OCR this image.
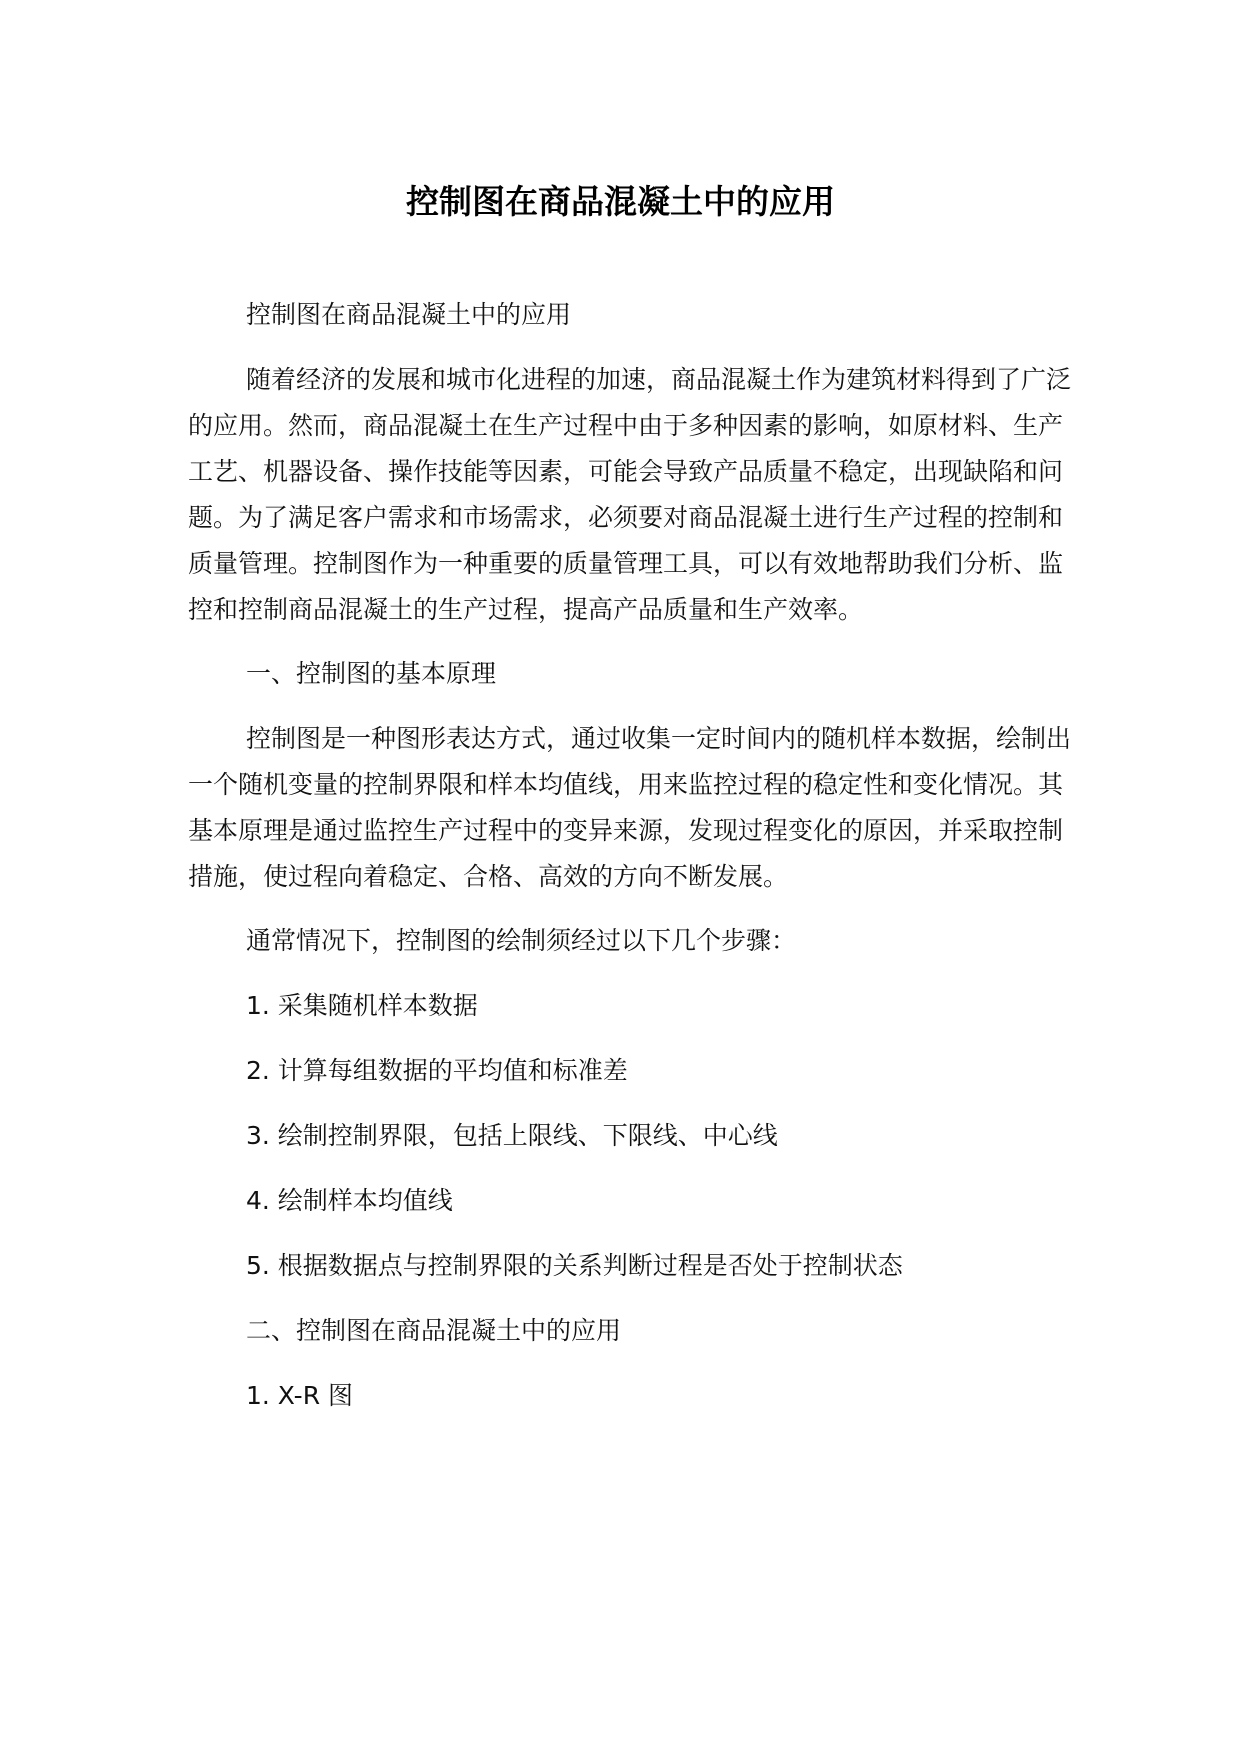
控制图在商品混凝土中的应用

控制图在商品混凝土中的应用

随着经济的发展和城市化进程的加速，商品混凝土作为建筑材料得到了广泛的应用。然而，商品混凝土在生产过程中由于多种因素的影响，如原材料、生产工艺、机器设备、操作技能等因素，可能会导致产品质量不稳定，出现缺陷和问题。为了满足客户需求和市场需求，必须要对商品混凝土进行生产过程的控制和质量管理。控制图作为一种重要的质量管理工具，可以有效地帮助我们分析、监控和控制商品混凝土的生产过程，提高产品质量和生产效率。

一、控制图的基本原理

控制图是一种图形表达方式，通过收集一定时间内的随机样本数据，绘制出一个随机变量的控制界限和样本均值线，用来监控过程的稳定性和变化情况。其基本原理是通过监控生产过程中的变异来源，发现过程变化的原因，并采取控制措施，使过程向着稳定、合格、高效的方向不断发展。

通常情况下，控制图的绘制须经过以下几个步骤：

1. 采集随机样本数据

2. 计算每组数据的平均值和标准差

3. 绘制控制界限，包括上限线、下限线、中心线

4. 绘制样本均值线

5. 根据数据点与控制界限的关系判断过程是否处于控制状态

二、控制图在商品混凝土中的应用

1. X-R 图
